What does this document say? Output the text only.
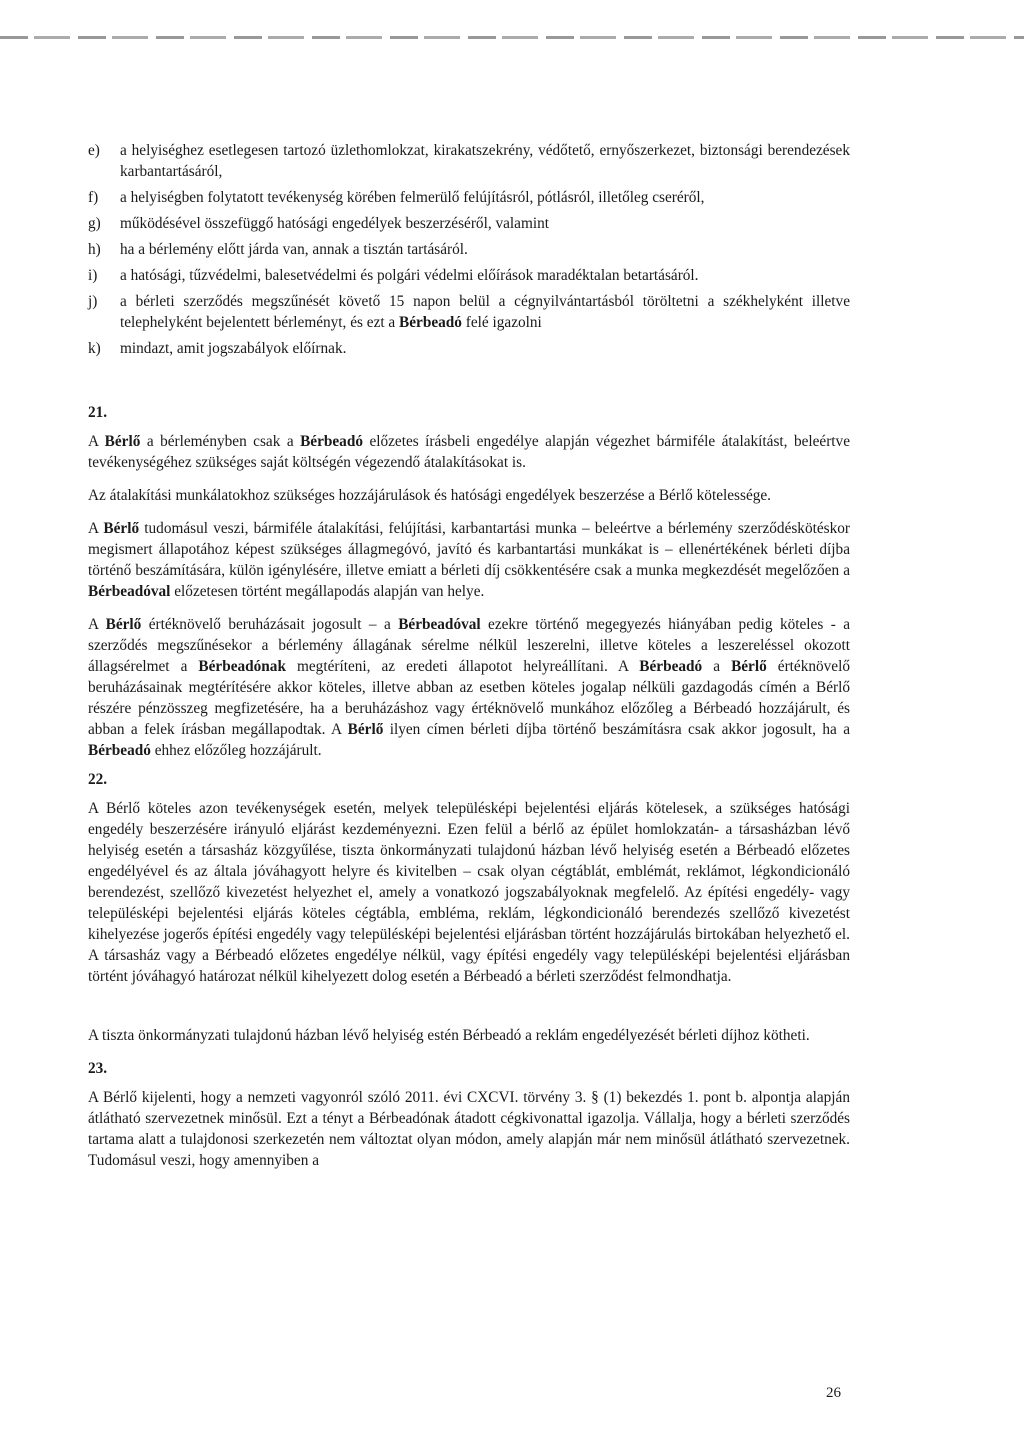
e) a helyiséghez esetlegesen tartozó üzlethomlokzat, kirakatszekrény, védőtető, ernyőszerkezet, biztonsági berendezések karbantartásáról,
f) a helyiségben folytatott tevékenység körében felmerülő felújításról, pótlásról, illetőleg cseréről,
g) működésével összefüggő hatósági engedélyek beszerzéséről, valamint
h) ha a bérlemény előtt járda van, annak a tisztán tartásáról.
i) a hatósági, tűzvédelmi, balesetvédelmi és polgári védelmi előírások maradéktalan betartásáról.
j) a bérleti szerződés megszűnését követő 15 napon belül a cégnyilvántartásból töröltetni a székhelyként illetve telephelyként bejelentett bérleményt, és ezt a Bérbeadó felé igazolni
k) mindazt, amit jogszabályok előírnak.
21.

A Bérlő a bérleményben csak a Bérbeadó előzetes írásbeli engedélye alapján végezhet bármiféle átalakítást, beleértve tevékenységéhez szükséges saját költségén végezendő átalakításokat is.

Az átalakítási munkálatokhoz szükséges hozzájárulások és hatósági engedélyek beszerzése a Bérlő kötelessége.

A Bérlő tudomásul veszi, bármiféle átalakítási, felújítási, karbantartási munka – beleértve a bérlemény szerződéskötéskor megismert állapotához képest szükséges állagmegóvó, javító és karbantartási munkákat is – ellenértékének bérleti díjba történő beszámítására, külön igénylésére, illetve emiatt a bérleti díj csökkentésére csak a munka megkezdését megelőzően a Bérbeadóval előzetesen történt megállapodás alapján van helye.

A Bérlő értéknövelő beruházásait jogosult – a Bérbeadóval ezekre történő megegyezés hiányában pedig köteles - a szerződés megszűnésekor a bérlemény állagának sérelme nélkül leszerelni, illetve köteles a leszereléssel okozott állagsérelmet a Bérbeadónak megtéríteni, az eredeti állapotot helyreállítani. A Bérbeadó a Bérlő értéknövelő beruházásainak megtérítésére akkor köteles, illetve abban az esetben köteles jogalap nélküli gazdagodás címén a Bérlő részére pénzösszeg megfizetésére, ha a beruházáshoz vagy értéknövelő munkához előzőleg a Bérbeadó hozzájárult, és abban a felek írásban megállapodtak. A Bérlő ilyen címen bérleti díjba történő beszámításra csak akkor jogosult, ha a Bérbeadó ehhez előzőleg hozzájárult.

22.

A Bérlő köteles azon tevékenységek esetén, melyek településképi bejelentési eljárás kötelesek, a szükséges hatósági engedély beszerzésére irányuló eljárást kezdeményezni. Ezen felül a bérlő az épület homlokzatán- a társasházban lévő helyiség esetén a társasház közgyűlése, tiszta önkormányzati tulajdonú házban lévő helyiség esetén a Bérbeadó előzetes engedélyével és az általa jóváhagyott helyre és kivitelben – csak olyan cégtáblát, emblémát, reklámot, légkondicionáló berendezést, szellőző kivezetést helyezhet el, amely a vonatkozó jogszabályoknak megfelelő. Az építési engedély- vagy településképi bejelentési eljárás köteles cégtábla, embléma, reklám, légkondicionáló berendezés szellőző kivezetést kihelyezése jogerős építési engedély vagy településképi bejelentési eljárásban történt hozzájárulás birtokában helyezhető el. A társasház vagy a Bérbeadó előzetes engedélye nélkül, vagy építési engedély vagy településképi bejelentési eljárásban történt jóváhagyó határozat nélkül kihelyezett dolog esetén a Bérbeadó a bérleti szerződést felmondhatja.

A tiszta önkormányzati tulajdonú házban lévő helyiség estén Bérbeadó a reklám engedélyezését bérleti díjhoz kötheti.

23.

A Bérlő kijelenti, hogy a nemzeti vagyonról szóló 2011. évi CXCVI. törvény 3. § (1) bekezdés 1. pont b. alpontja alapján átlátható szervezetnek minősül. Ezt a tényt a Bérbeadónak átadott cégkivonattal igazolja. Vállalja, hogy a bérleti szerződés tartama alatt a tulajdonosi szerkezetén nem változtat olyan módon, amely alapján már nem minősül átlátható szervezetnek. Tudomásul veszi, hogy amennyiben a

26
